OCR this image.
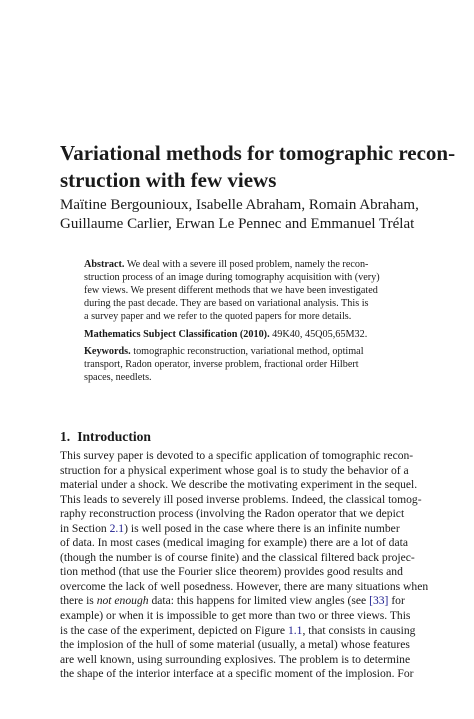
Variational methods for tomographic recon-
struction with few views
Maïtine Bergounioux, Isabelle Abraham, Romain Abraham,
Guillaume Carlier, Erwan Le Pennec and Emmanuel Trélat
Abstract. We deal with a severe ill posed problem, namely the recon-
struction process of an image during tomography acquisition with (very)
few views. We present different methods that we have been investigated
during the past decade. They are based on variational analysis. This is
a survey paper and we refer to the quoted papers for more details.
Mathematics Subject Classification (2010). 49K40, 45Q05,65M32.
Keywords. tomographic reconstruction, variational method, optimal
transport, Radon operator, inverse problem, fractional order Hilbert
spaces, needlets.
1. Introduction
This survey paper is devoted to a specific application of tomographic recon-
struction for a physical experiment whose goal is to study the behavior of a
material under a shock. We describe the motivating experiment in the sequel.
This leads to severely ill posed inverse problems. Indeed, the classical tomog-
raphy reconstruction process (involving the Radon operator that we depict
in Section 2.1) is well posed in the case where there is an infinite number
of data. In most cases (medical imaging for example) there are a lot of data
(though the number is of course finite) and the classical filtered back projec-
tion method (that use the Fourier slice theorem) provides good results and
overcome the lack of well posedness. However, there are many situations when
there is not enough data: this happens for limited view angles (see [33] for
example) or when it is impossible to get more than two or three views. This
is the case of the experiment, depicted on Figure 1.1, that consists in causing
the implosion of the hull of some material (usually, a metal) whose features
are well known, using surrounding explosives. The problem is to determine
the shape of the interior interface at a specific moment of the implosion. For
